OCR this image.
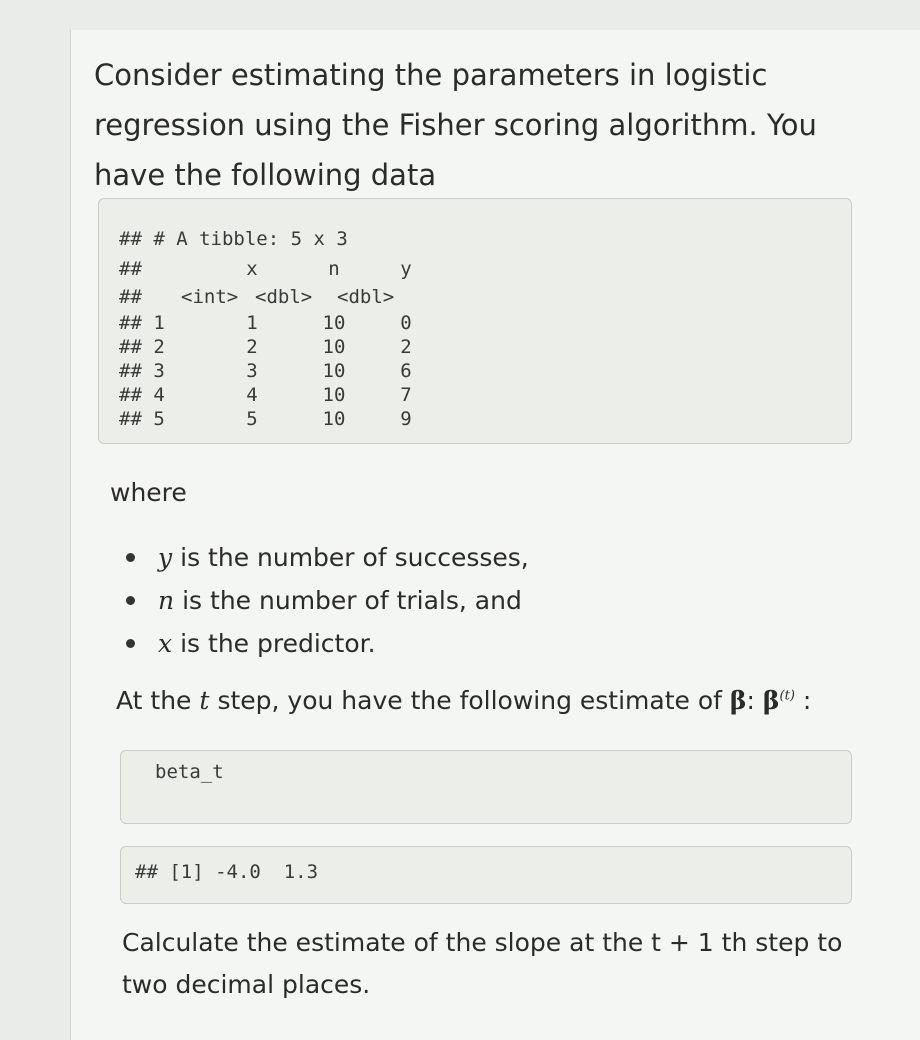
Consider estimating the parameters in logistic regression using the Fisher scoring algorithm. You have the following data
## # A tibble: 5 x 3
##	x	n	y
## <int> <dbl> <dbl>
## 1	1	10	0
## 2	2	10	2
## 3	3	10	6
## 4	4	10	7
## 5	5	10	9
where
y is the number of successes,
n is the number of trials, and
x is the predictor.
At the t step, you have the following estimate of β: $\beta^{(t)}$ :
beta_t
## [1] -4.0  1.3
Calculate the estimate of the slope at the t + 1 th step to two decimal places.
